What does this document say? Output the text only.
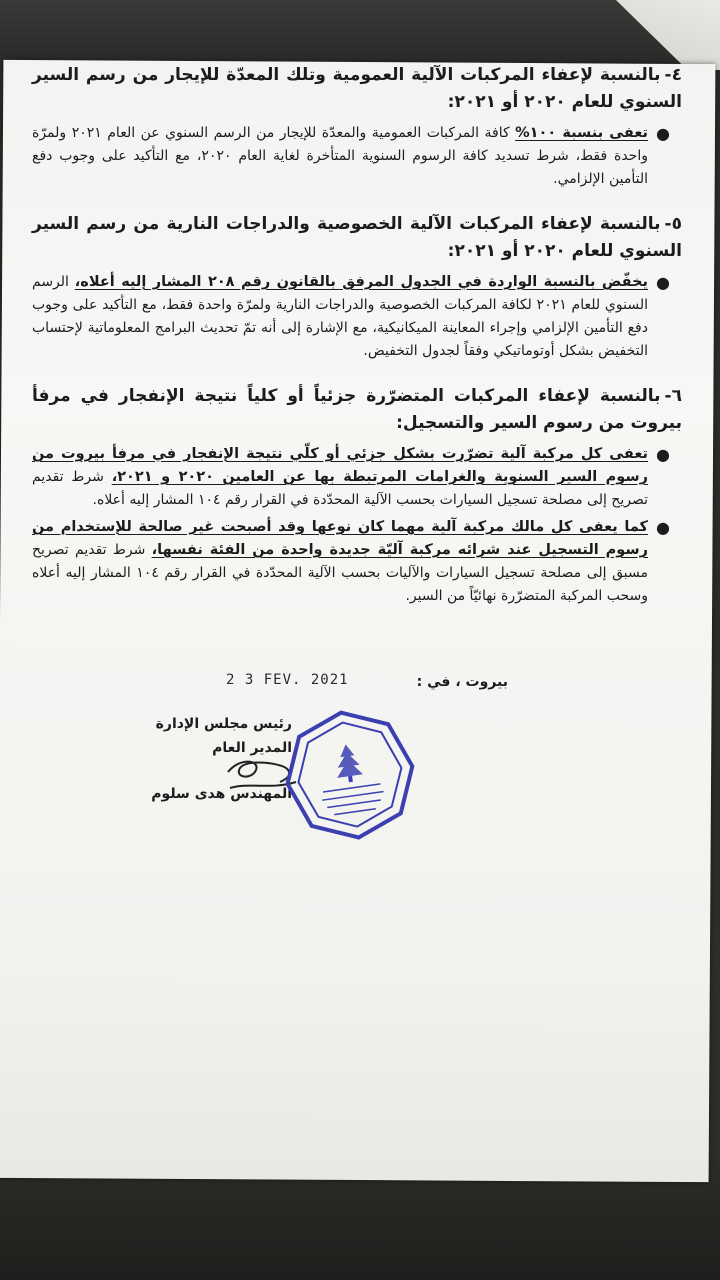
٤-بالنسبة لإعفاء المركبات الآلية العمومية وتلك المعدّة للإيجار من رسم السير السنوي للعام ٢٠٢٠ أو ٢٠٢١:

●
تعفى بنسبة ١٠٠% كافة المركبات العمومية والمعدّة للإيجار من الرسم السنوي عن العام ٢٠٢١ ولمرّة واحدة فقط، شرط تسديد كافة الرسوم السنوية المتأخرة لغاية العام ٢٠٢٠، مع التأكيد على وجوب دفع التأمين الإلزامي.

٥-بالنسبة لإعفاء المركبات الآلية الخصوصية والدراجات النارية من رسم السير السنوي للعام ٢٠٢٠ أو ٢٠٢١:

●
يخفّض بالنسبة الواردة في الجدول المرفق بالقانون رقم ٢٠٨ المشار إليه أعلاه، الرسم السنوي للعام ٢٠٢١ لكافة المركبات الخصوصية والدراجات النارية ولمرّة واحدة فقط، مع التأكيد على وجوب دفع التأمين الإلزامي وإجراء المعاينة الميكانيكية، مع الإشارة إلى أنه تمّ تحديث البرامج المعلوماتية لإحتساب التخفيض بشكل أوتوماتيكي وفقاً لجدول التخفيض.

٦-بالنسبة لإعفاء المركبات المتضرّرة جزئياً أو كلياً نتيجة الإنفجار في مرفأ بيروت من رسوم السير والتسجيل:

●
تعفى كل مركبة آلية تضرّرت بشكل جزئي أو كلّي نتيجة الإنفجار في مرفأ بيروت من رسوم السير السنوية والغرامات المرتبطة بها عن العامين ٢٠٢٠ و ٢٠٢١، شرط تقديم تصريح إلى مصلحة تسجيل السيارات بحسب الآلية المحدّدة في القرار رقم ١٠٤ المشار إليه أعلاه.

●
كما يعفى كل مالك مركبة آلية مهما كان نوعها وقد أصبحت غير صالحة للإستخدام من رسوم التسجيل عند شرائه مركبة آليّة جديدة واحدة من الفئة نفسها، شرط تقديم تصريح مسبق إلى مصلحة تسجيل السيارات والآليات بحسب الآلية المحدّدة في القرار رقم ١٠٤ المشار إليه أعلاه وسحب المركبة المتضرّرة نهائيّاً من السير.

2 3 FEV. 2021	بيروت ، في :
رئيس مجلس الإدارة
المدير العام
المهندس هدى سلوم
